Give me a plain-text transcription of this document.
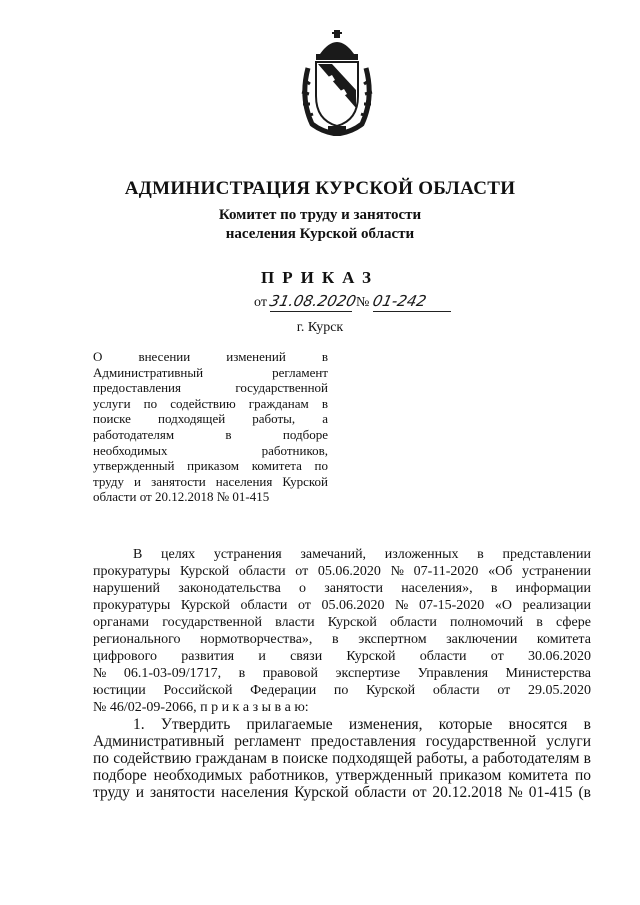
АДМИНИСТРАЦИЯ КУРСКОЙ ОБЛАСТИ
Комитет по труду и занятости
населения Курской области
ПРИКАЗ
от 31.08.2020 № 01-242
г. Курск
О	внесении	изменений	в
Административный	регламент
предоставления	государственной
услуги по содействию гражданам в
поиске подходящей работы, а
работодателям	в	подборе
необходимых	работников,
утвержденный приказом комитета по
труду и занятости населения Курской
области от 20.12.2018 № 01-415
В целях устранения замечаний, изложенных в представлении
прокуратуры Курской области от 05.06.2020 № 07-11-2020 «Об устранении
нарушений законодательства о занятости населения», в информации
прокуратуры Курской области от 05.06.2020 № 07-15-2020 «О реализации
органами государственной власти Курской области полномочий в сфере
регионального нормотворчества», в экспертном заключении комитета
цифрового развития и связи Курской области от 30.06.2020
№ 06.1-03-09/1717, в правовой экспертизе Управления Министерства
юстиции Российской Федерации по Курской области от 29.05.2020
№ 46/02-09-2066, п р и к а з ы в а ю:
1. Утвердить прилагаемые изменения, которые вносятся в
Административный регламент предоставления государственной услуги
по содействию гражданам в поиске подходящей работы, а работодателям в
подборе необходимых работников, утвержденный приказом комитета по
труду и занятости населения Курской области от 20.12.2018 № 01-415 (в
